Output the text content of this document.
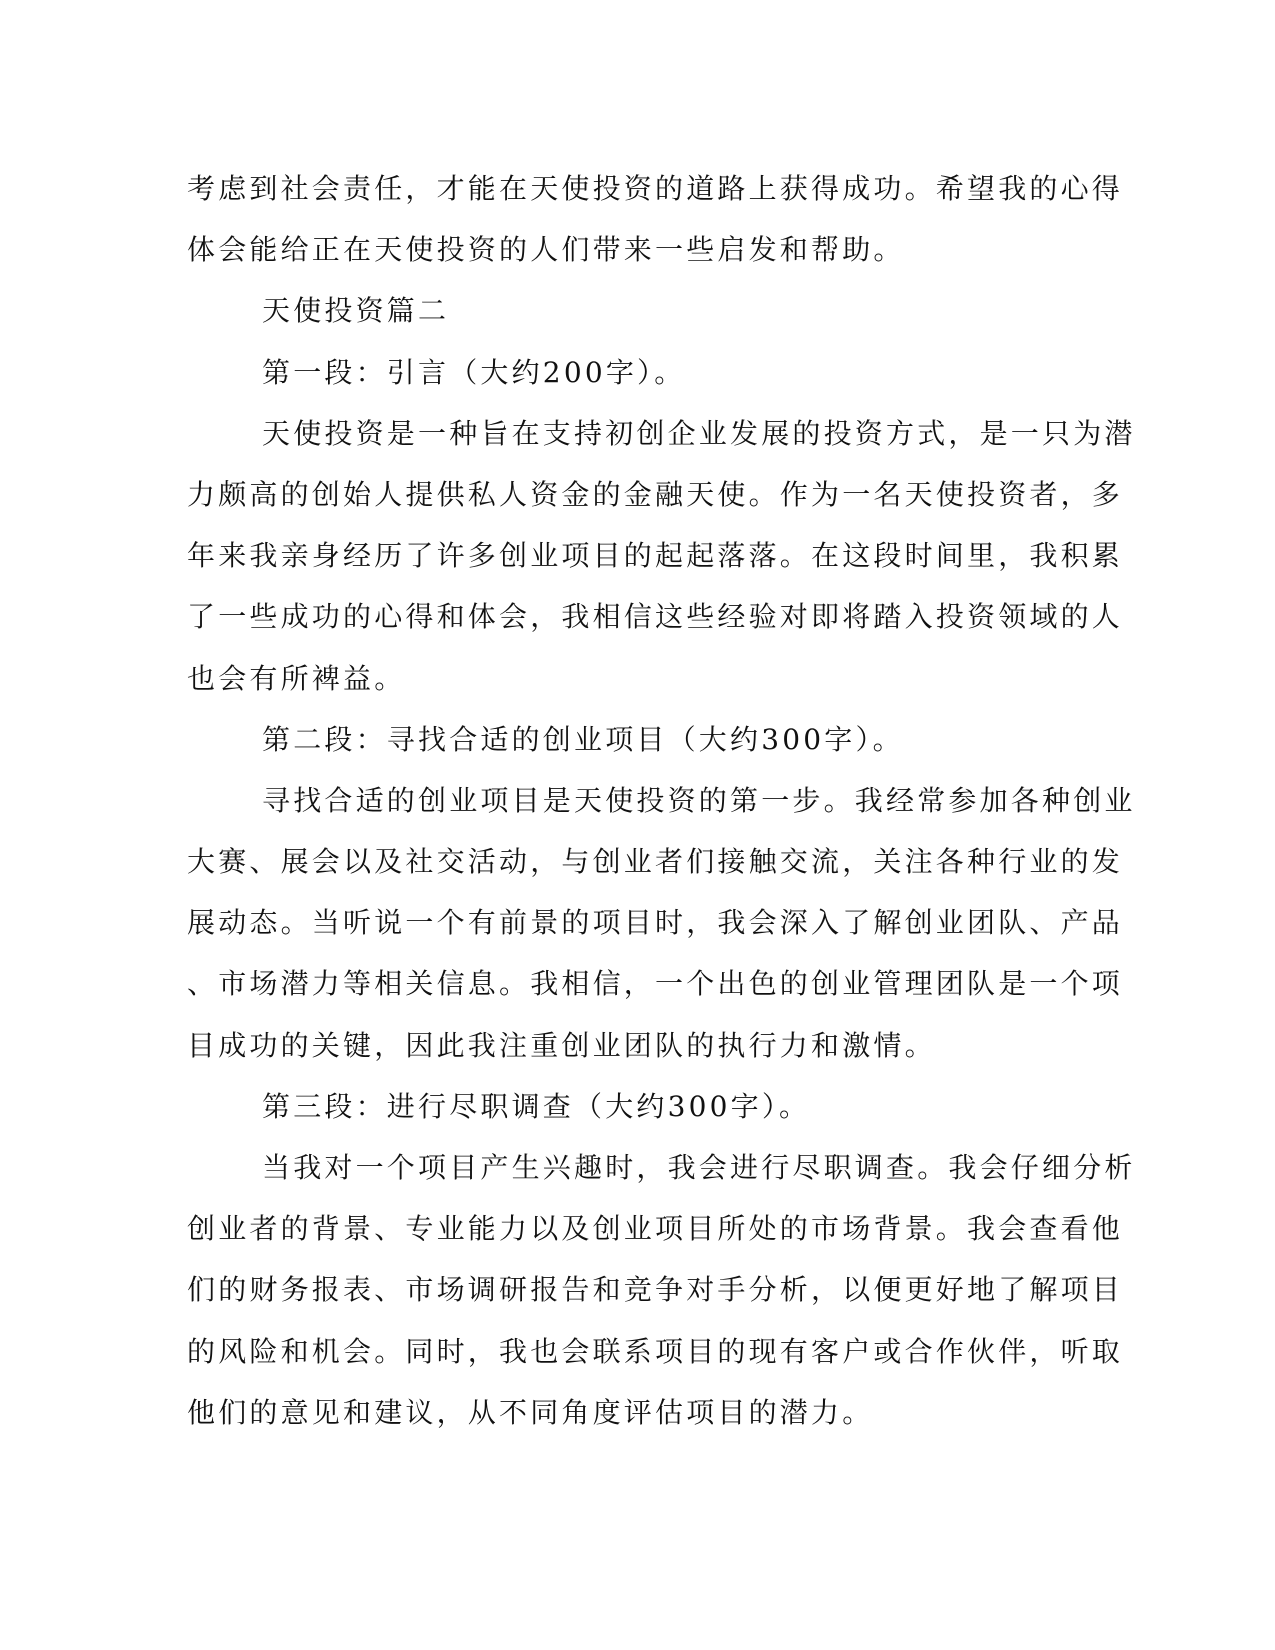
考虑到社会责任，才能在天使投资的道路上获得成功。希望我的心得
体会能给正在天使投资的人们带来一些启发和帮助。
天使投资篇二
第一段：引言（大约200字）。
天使投资是一种旨在支持初创企业发展的投资方式，是一只为潜
力颇高的创始人提供私人资金的金融天使。作为一名天使投资者，多
年来我亲身经历了许多创业项目的起起落落。在这段时间里，我积累
了一些成功的心得和体会，我相信这些经验对即将踏入投资领域的人
也会有所裨益。
第二段：寻找合适的创业项目（大约300字）。
寻找合适的创业项目是天使投资的第一步。我经常参加各种创业
大赛、展会以及社交活动，与创业者们接触交流，关注各种行业的发
展动态。当听说一个有前景的项目时，我会深入了解创业团队、产品
、市场潜力等相关信息。我相信，一个出色的创业管理团队是一个项
目成功的关键，因此我注重创业团队的执行力和激情。
第三段：进行尽职调查（大约300字）。
当我对一个项目产生兴趣时，我会进行尽职调查。我会仔细分析
创业者的背景、专业能力以及创业项目所处的市场背景。我会查看他
们的财务报表、市场调研报告和竞争对手分析，以便更好地了解项目
的风险和机会。同时，我也会联系项目的现有客户或合作伙伴，听取
他们的意见和建议，从不同角度评估项目的潜力。
